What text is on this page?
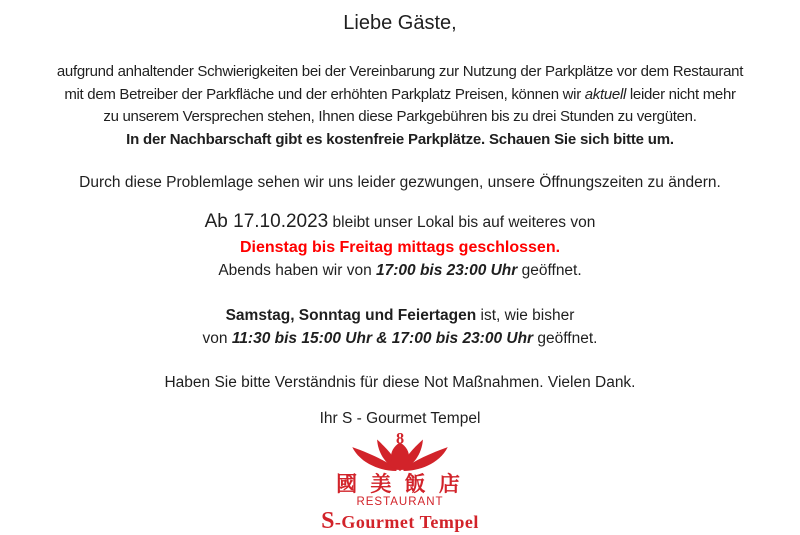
Liebe Gäste,
aufgrund anhaltender Schwierigkeiten bei der Vereinbarung zur Nutzung der Parkplätze vor dem Restaurant
mit dem Betreiber der Parkfläche und der erhöhten Parkplatz Preisen, können wir aktuell leider nicht mehr
zu unserem Versprechen stehen, Ihnen diese Parkgebühren bis zu drei Stunden zu vergüten.
In der Nachbarschaft gibt es kostenfreie Parkplätze. Schauen Sie sich bitte um.
Durch diese Problemlage sehen wir uns leider gezwungen, unsere Öffnungszeiten zu ändern.
Ab 17.10.2023 bleibt unser Lokal bis auf weiteres von
Dienstag bis Freitag mittags geschlossen.
Abends haben wir von 17:00 bis 23:00 Uhr geöffnet.
Samstag, Sonntag und Feiertagen ist, wie bisher
von 11:30 bis 15:00 Uhr & 17:00 bis 23:00 Uhr geöffnet.
Haben Sie bitte Verständnis für diese Not Maßnahmen. Vielen Dank.
Ihr S - Gourmet Tempel
8
國 美 飯 店
RESTAURANT
S-Gourmet Tempel
